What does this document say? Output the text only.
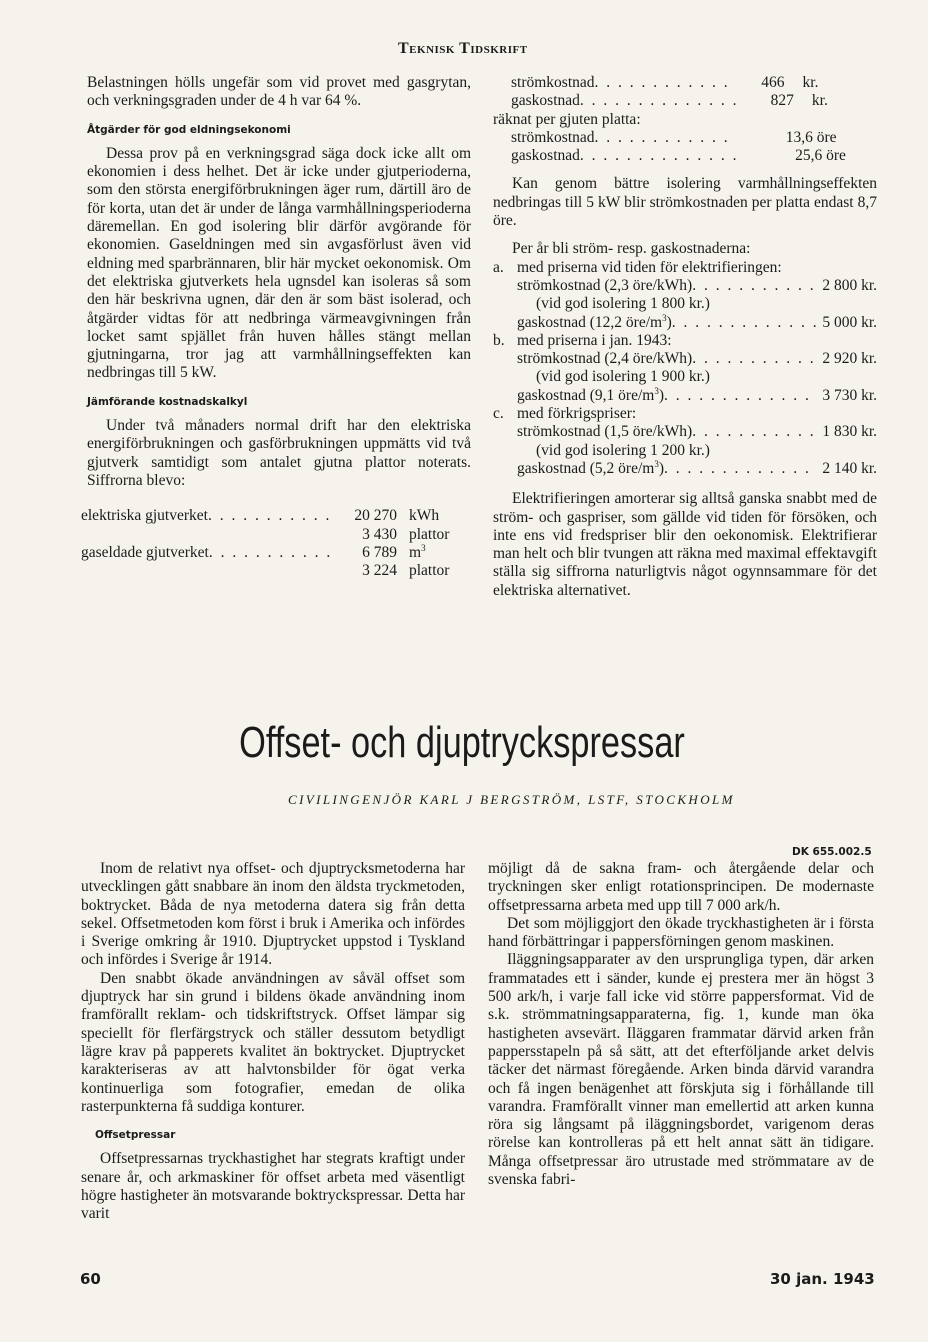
Teknisk Tidskrift

Belastningen hölls ungefär som vid provet med gasgrytan, och verkningsgraden under de 4 h var 64 %.

Åtgärder för god eldningsekonomi

Dessa prov på en verkningsgrad säga dock icke allt om ekonomien i dess helhet. Det är icke under gjutperioderna, som den största energiförbrukningen äger rum, därtill äro de för korta, utan det är under de långa varmhållningsperioderna däremellan. En god isolering blir därför avgörande för ekonomien. Gaseldningen med sin avgasförlust även vid eldning med sparbrännaren, blir här mycket oekonomisk. Om det elektriska gjutverkets hela ugnsdel kan isoleras så som den här beskrivna ugnen, där den är som bäst isolerad, och åtgärder vidtas för att nedbringa värmeavgivningen från locket samt spjället från huven hålles stängt mellan gjutningarna, tror jag att varmhållningseffekten kan nedbringas till 5 kW.

Jämförande kostnadskalkyl

Under två månaders normal drift har den elektriska energiförbrukningen och gasförbrukningen uppmätts vid två gjutverk samtidigt som antalet gjutna plattor noterats. Siffrorna blevo:

elektriska gjutverket . . .	20 270 kWh
3 430 plattor
gaseldade gjutverket . . .	6 789 $m^3$
3 224 plattor
strömkostnad . . .	466 kr.
gaskostnad . . .	827 kr.
räknat per gjuten platta:
strömkostnad . . .	13,6 öre
gaskostnad . . .	25,6 öre

Kan genom bättre isolering varmhållningseffekten nedbringas till 5 kW blir strömkostnaden per platta endast 8,7 öre.

Per år bli ström- resp. gaskostnaderna:

a. med priserna vid tiden för elektrifieringen:
strömkostnad (2,3 öre/kWh) . . .	2 800 kr.
(vid god isolering 1 800 kr.)
gaskostnad (12,2 öre/$m^3$) . . .	5 000 kr.
b. med priserna i jan. 1943:
strömkostnad (2,4 öre/kWh) . . .	2 920 kr.
(vid god isolering 1 900 kr.)
gaskostnad (9,1 öre/$m^3$) . . .	3 730 kr.
c. med förkrigspriser:
strömkostnad (1,5 öre/kWh) . . .	1 830 kr.
(vid god isolering 1 200 kr.)
gaskostnad (5,2 öre/$m^3$) . . .	2 140 kr.

Elektrifieringen amorterar sig alltså ganska snabbt med de ström- och gaspriser, som gällde vid tiden för försöken, och inte ens vid fredspriser blir den oekonomisk. Elektrifierar man helt och blir tvungen att räkna med maximal effektavgift ställa sig siffrorna naturligtvis något ogynnsammare för det elektriska alternativet.

Offset- och djuptryckspressar
CIVILINGENJÖR KARL J BERGSTRÖM, LSTF, STOCKHOLM
DK 655.002.5

Inom de relativt nya offset- och djuptrycksmetoderna har utvecklingen gått snabbare än inom den äldsta tryckmetoden, boktrycket. Båda de nya metoderna datera sig från detta sekel. Offsetmetoden kom först i bruk i Amerika och infördes i Sverige omkring år 1910. Djuptrycket uppstod i Tyskland och infördes i Sverige år 1914.

Den snabbt ökade användningen av såväl offset som djuptryck har sin grund i bildens ökade användning inom framförallt reklam- och tidskriftstryck. Offset lämpar sig speciellt för flerfärgstryck och ställer dessutom betydligt lägre krav på papperets kvalitet än boktrycket. Djuptrycket karakteriseras av att halvtonsbilder för ögat verka kontinuerliga som fotografier, emedan de olika rasterpunkterna få suddiga konturer.

Offsetpressar

Offsetpressarnas tryckhastighet har stegrats kraftigt under senare år, och arkmaskiner för offset arbeta med väsentligt högre hastigheter än motsvarande boktryckspressar. Detta har varit

möjligt då de sakna fram- och återgående delar och tryckningen sker enligt rotationsprincipen. De modernaste offsetpressarna arbeta med upp till 7 000 ark/h.

Det som möjliggjort den ökade tryckhastigheten är i första hand förbättringar i pappersförningen genom maskinen.

Iläggningsapparater av den ursprungliga typen, där arken frammatades ett i sänder, kunde ej prestera mer än högst 3 500 ark/h, i varje fall icke vid större pappersformat. Vid de s.k. strömmatningsapparaterna, fig. 1, kunde man öka hastigheten avsevärt. Iläggaren frammatar därvid arken från pappersstapeln på så sätt, att det efterföljande arket delvis täcker det närmast föregående. Arken binda därvid varandra och få ingen benägenhet att förskjuta sig i förhållande till varandra. Framförallt vinner man emellertid att arken kunna röra sig långsamt på iläggningsbordet, varigenom deras rörelse kan kontrolleras på ett helt annat sätt än tidigare. Många offsetpressar äro utrustade med strömmatare av de svenska fabri-

60	30 jan. 1943
